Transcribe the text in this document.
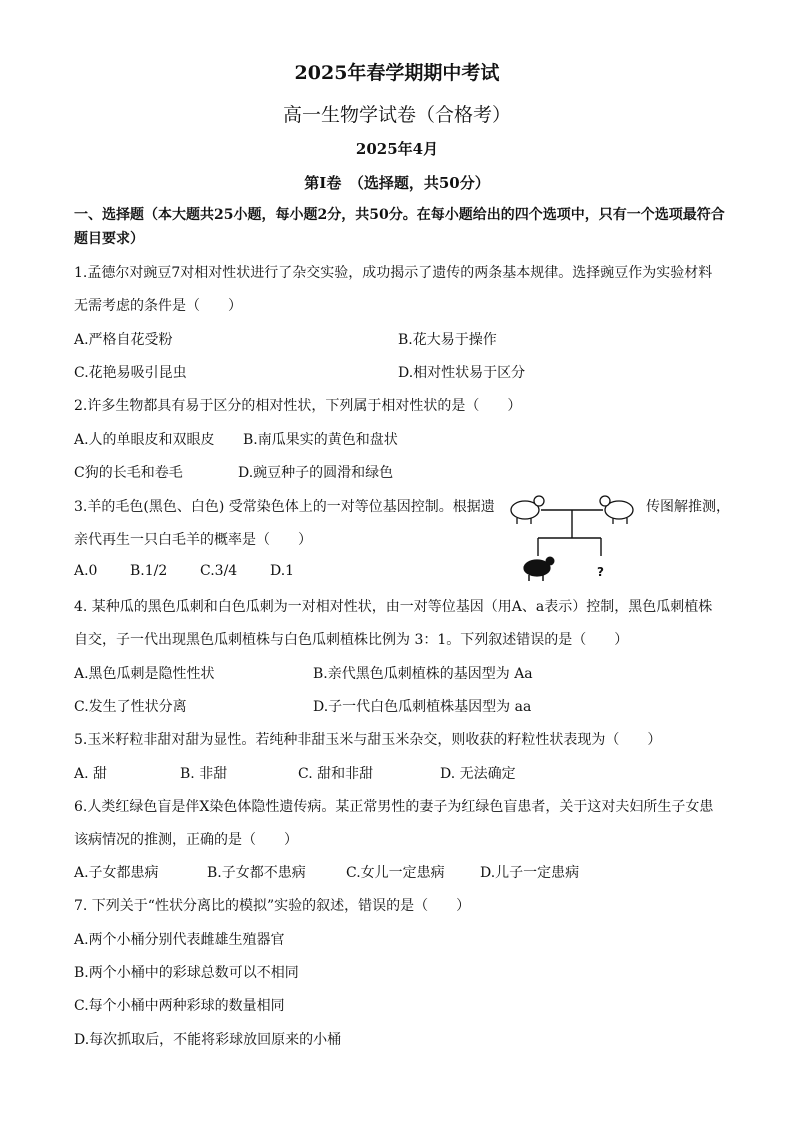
2025年春学期期中考试
高一生物学试卷（合格考）
2025年4月
第Ⅰ卷　（选择题，共50分）
一、选择题（本大题共25小题，每小题2分，共50分。在每小题给出的四个选项中，只有一个选项最符合题目要求）
1.孟德尔对豌豆7对相对性状进行了杂交实验，成功揭示了遗传的两条基本规律。选择豌豆作为实验材料
无需考虑的条件是（　　）
A.严格自花受粉	B.花大易于操作
C.花艳易吸引昆虫	D.相对性状易于区分
2.许多生物都具有易于区分的相对性状，下列属于相对性状的是（　　）
A.人的单眼皮和双眼皮 B.南瓜果实的黄色和盘状
C狗的长毛和卷毛	D.豌豆种子的圆滑和绿色
3.羊的毛色(黑色、白色) 受常染色体上的一对等位基因控制。根据遗	传图解推测，
亲代再生一只白毛羊的概率是（　　）
A.0 B.1/2 C.3/4 D.1	?
4. 某种瓜的黑色瓜刺和白色瓜刺为一对相对性状，由一对等位基因（用A、a表示）控制，黑色瓜刺植株
自交，子一代出现黑色瓜刺植株与白色瓜刺植株比例为 3：1。下列叙述错误的是（　　）
A.黑色瓜刺是隐性性状	B.亲代黑色瓜刺植株的基因型为 Aa
C.发生了性状分离	D.子一代白色瓜刺植株基因型为 aa
5.玉米籽粒非甜对甜为显性。若纯种非甜玉米与甜玉米杂交，则收获的籽粒性状表现为（　　）
A. 甜	B. 非甜	C. 甜和非甜	D. 无法确定
6.人类红绿色盲是伴X染色体隐性遗传病。某正常男性的妻子为红绿色盲患者，关于这对夫妇所生子女患
该病情况的推测，正确的是（　　）
A.子女都患病	B.子女都不患病	C.女儿一定患病	D.儿子一定患病
7. 下列关于“性状分离比的模拟”实验的叙述，错误的是（　　）
A.两个小桶分别代表雌雄生殖器官
B.两个小桶中的彩球总数可以不相同
C.每个小桶中两种彩球的数量相同
D.每次抓取后，不能将彩球放回原来的小桶
